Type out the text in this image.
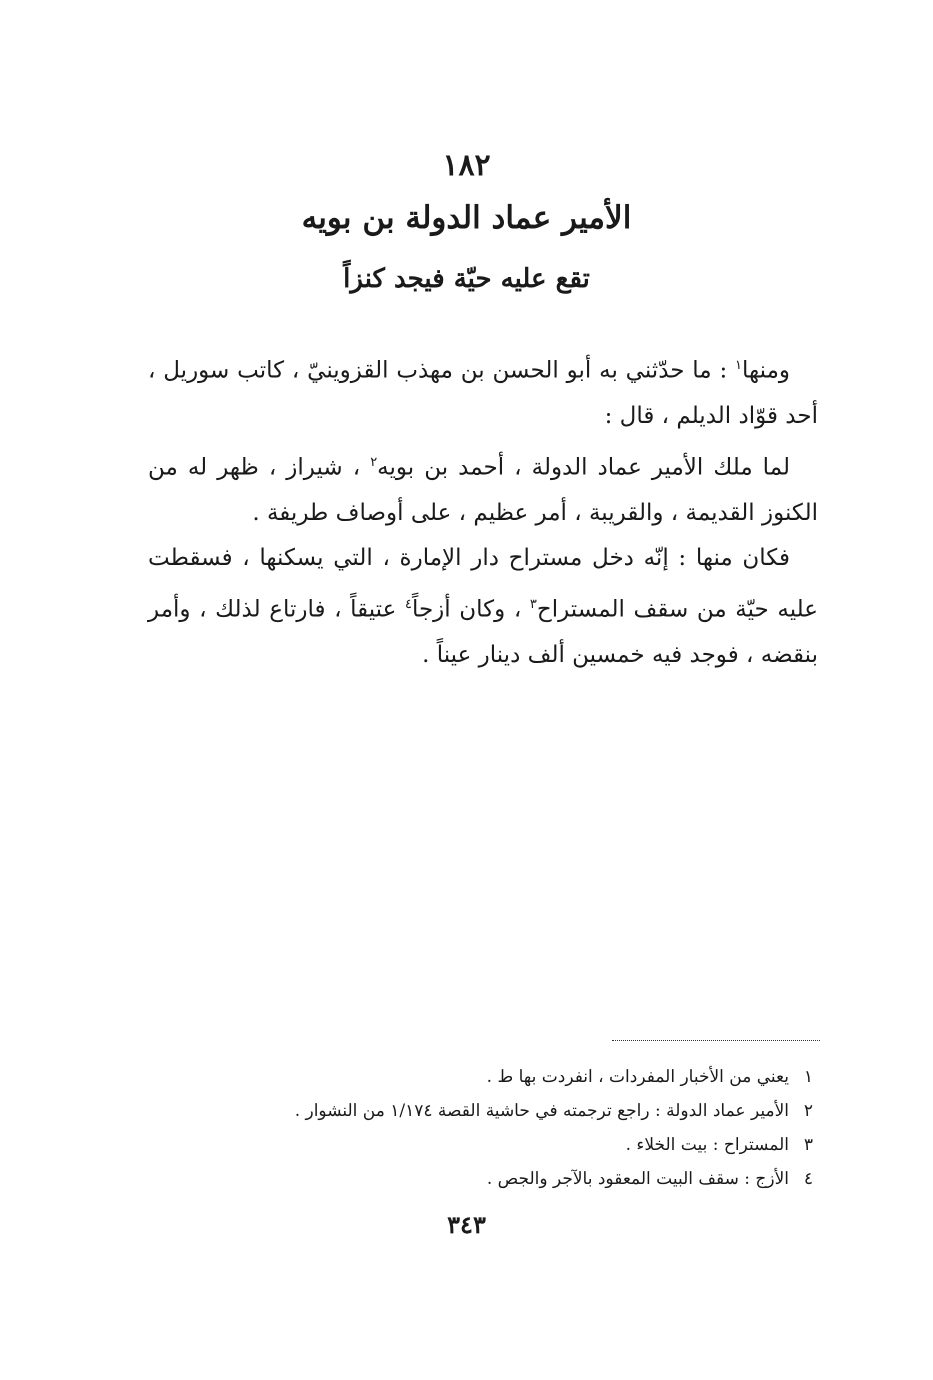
١٨٢
الأمير عماد الدولة بن بويه
تقع عليه حيّة فيجد كنزاً

ومنها$^١$ : ما حدّثني به أبو الحسن بن مهذب القزوينيّ ، كاتب سوريل ، أحد قوّاد الديلم ، قال :

لما ملك الأمير عماد الدولة ، أحمد بن بويه$^٢$ ، شيراز ، ظهر له من الكنوز القديمة ، والقريبة ، أمر عظيم ، على أوصاف طريفة .

فكان منها : إنّه دخل مستراح دار الإمارة ، التي يسكنها ، فسقطت عليه حيّة من سقف المستراح$^٣$ ، وكان أزجاً$^٤$ عتيقاً ، فارتاع لذلك ، وأمر بنقضه ، فوجد فيه خمسين ألف دينار عيناً .

١يعني من الأخبار المفردات ، انفردت بها ط .
٢الأمير عماد الدولة : راجع ترجمته في حاشية القصة ١/١٧٤ من النشوار .
٣المستراح : بيت الخلاء .
٤الأزج : سقف البيت المعقود بالآجر والجص .
٣٤٣
